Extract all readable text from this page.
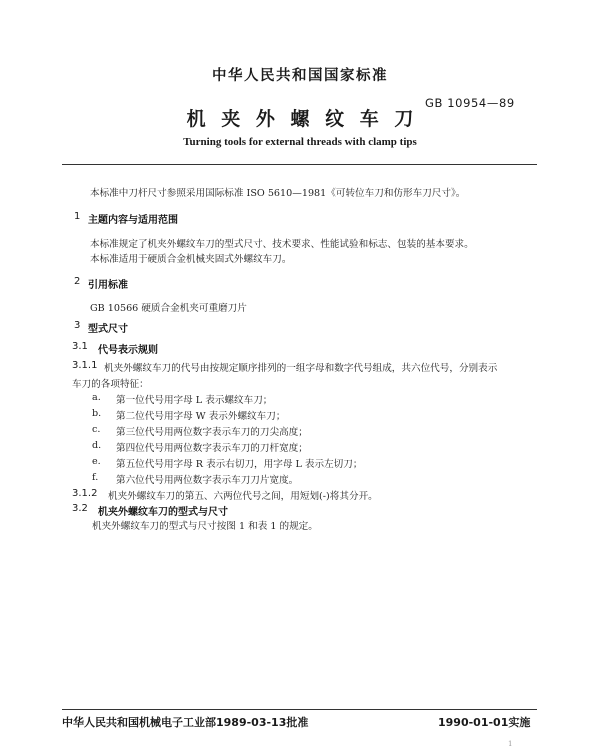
中华人民共和国国家标准
GB 10954—89
机 夹 外 螺 纹 车 刀
Turning tools for external threads with clamp tips
本标准中刀杆尺寸参照采用国际标准 ISO 5610—1981《可转位车刀和仿形车刀尺寸》。
1 主题内容与适用范围
本标准规定了机夹外螺纹车刀的型式尺寸、技术要求、性能试验和标志、包装的基本要求。
本标准适用于硬质合金机械夹固式外螺纹车刀。
2 引用标准
GB 10566 硬质合金机夹可重磨刀片
3 型式尺寸
3.1 代号表示规则
3.1.1 机夹外螺纹车刀的代号由按规定顺序排列的一组字母和数字代号组成，共六位代号，分别表示
车刀的各项特征：
a. 第一位代号用字母 L 表示螺纹车刀；
b. 第二位代号用字母 W 表示外螺纹车刀；
c. 第三位代号用两位数字表示车刀的刀尖高度；
d. 第四位代号用两位数字表示车刀的刀杆宽度；
e. 第五位代号用字母 R 表示右切刀，用字母 L 表示左切刀；
f. 第六位代号用两位数字表示车刀刀片宽度。
3.1.2 机夹外螺纹车刀的第五、六两位代号之间，用短划(-)将其分开。
3.2 机夹外螺纹车刀的型式与尺寸
机夹外螺纹车刀的型式与尺寸按图 1 和表 1 的规定。
中华人民共和国机械电子工业部1989-03-13批准	1990-01-01实施
1
